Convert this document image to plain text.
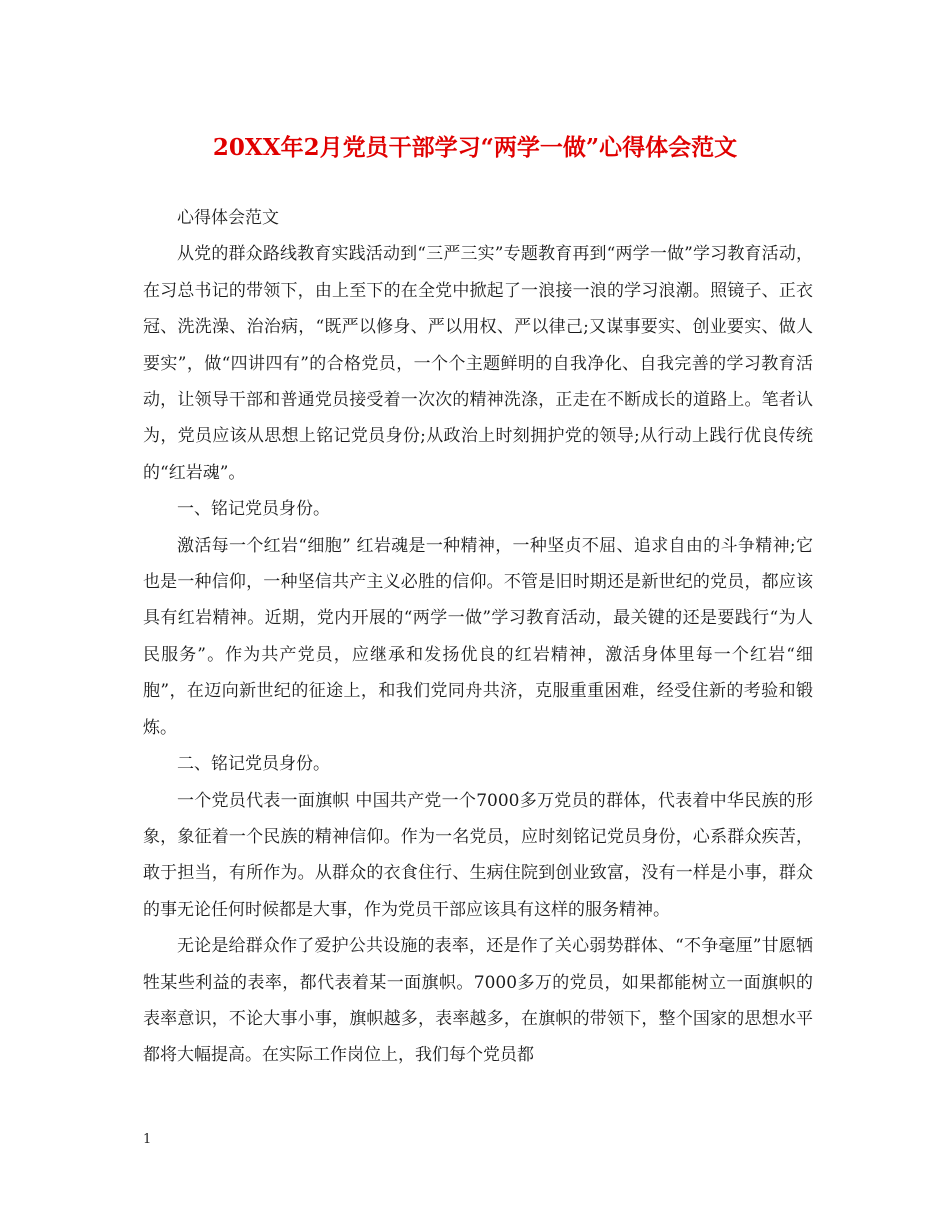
20XX年2月党员干部学习“两学一做”心得体会范文

心得体会范文

从党的群众路线教育实践活动到“三严三实”专题教育再到“两学一做”学习教育活动，在习总书记的带领下，由上至下的在全党中掀起了一浪接一浪的学习浪潮。照镜子、正衣冠、洗洗澡、治治病，“既严以修身、严以用权、严以律己;又谋事要实、创业要实、做人要实”，做“四讲四有”的合格党员，一个个主题鲜明的自我净化、自我完善的学习教育活动，让领导干部和普通党员接受着一次次的精神洗涤，正走在不断成长的道路上。笔者认为，党员应该从思想上铭记党员身份;从政治上时刻拥护党的领导;从行动上践行优良传统的“红岩魂”。

一、铭记党员身份。

激活每一个红岩“细胞” 红岩魂是一种精神，一种坚贞不屈、追求自由的斗争精神;它也是一种信仰，一种坚信共产主义必胜的信仰。不管是旧时期还是新世纪的党员，都应该具有红岩精神。近期，党内开展的“两学一做”学习教育活动，最关键的还是要践行“为人民服务”。作为共产党员，应继承和发扬优良的红岩精神，激活身体里每一个红岩“细胞”，在迈向新世纪的征途上，和我们党同舟共济，克服重重困难，经受住新的考验和锻炼。

二、铭记党员身份。

一个党员代表一面旗帜 中国共产党一个7000多万党员的群体，代表着中华民族的形象，象征着一个民族的精神信仰。作为一名党员，应时刻铭记党员身份，心系群众疾苦，敢于担当，有所作为。从群众的衣食住行、生病住院到创业致富，没有一样是小事，群众的事无论任何时候都是大事，作为党员干部应该具有这样的服务精神。

无论是给群众作了爱护公共设施的表率，还是作了关心弱势群体、“不争毫厘”甘愿牺牲某些利益的表率，都代表着某一面旗帜。7000多万的党员，如果都能树立一面旗帜的表率意识，不论大事小事，旗帜越多，表率越多，在旗帜的带领下，整个国家的思想水平都将大幅提高。在实际工作岗位上，我们每个党员都

1
